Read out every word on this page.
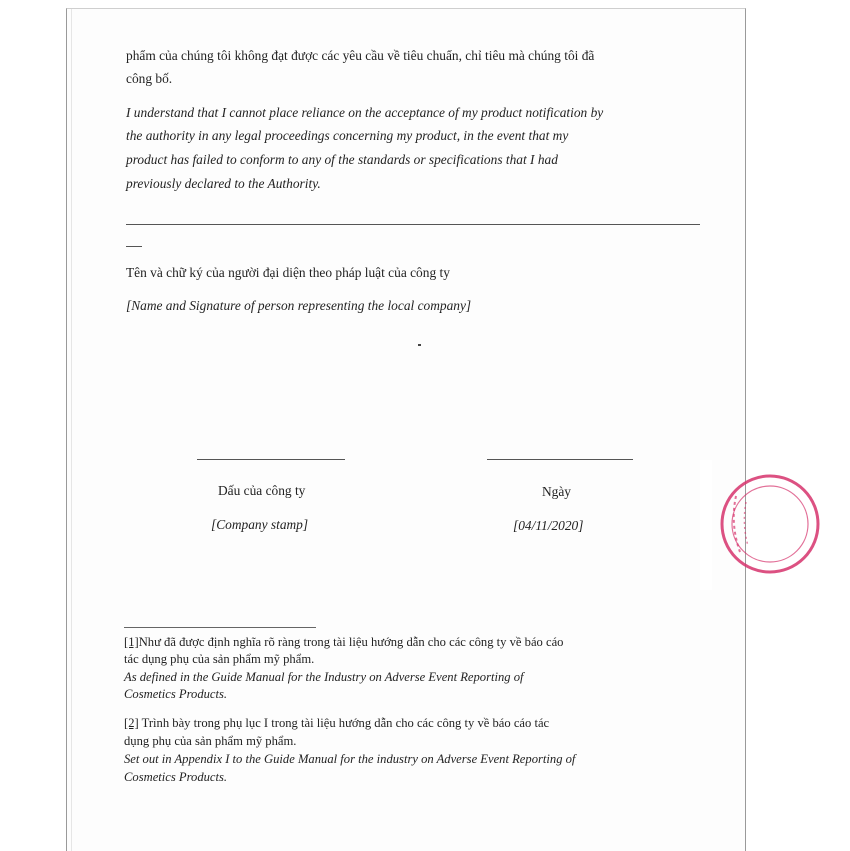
phẩm của chúng tôi không đạt được các yêu cầu về tiêu chuẩn, chỉ tiêu mà chúng tôi đã

công bố.

I understand that I cannot place reliance on the acceptance of my product notification by

the authority in any legal proceedings concerning my product, in the event that my

product has failed to conform to any of the standards or specifications that I had

previously declared to the Authority.

Tên và chữ ký của người đại diện theo pháp luật của công ty

[Name and Signature of person representing the local company]

Dấu của công ty

[Company stamp]

Ngày

[04/11/2020]

[1]Như đã được định nghĩa rõ ràng trong tài liệu hướng dẫn cho các công ty về báo cáo

tác dụng phụ của sản phẩm mỹ phẩm.

As defined in the Guide Manual for the Industry on Adverse Event Reporting of

Cosmetics Products.

[2] Trình bày trong phụ lục I trong tài liệu hướng dẫn cho các công ty về báo cáo tác

dụng phụ của sản phẩm mỹ phẩm.

Set out in Appendix I to the Guide Manual for the industry on Adverse Event Reporting of

Cosmetics Products.
